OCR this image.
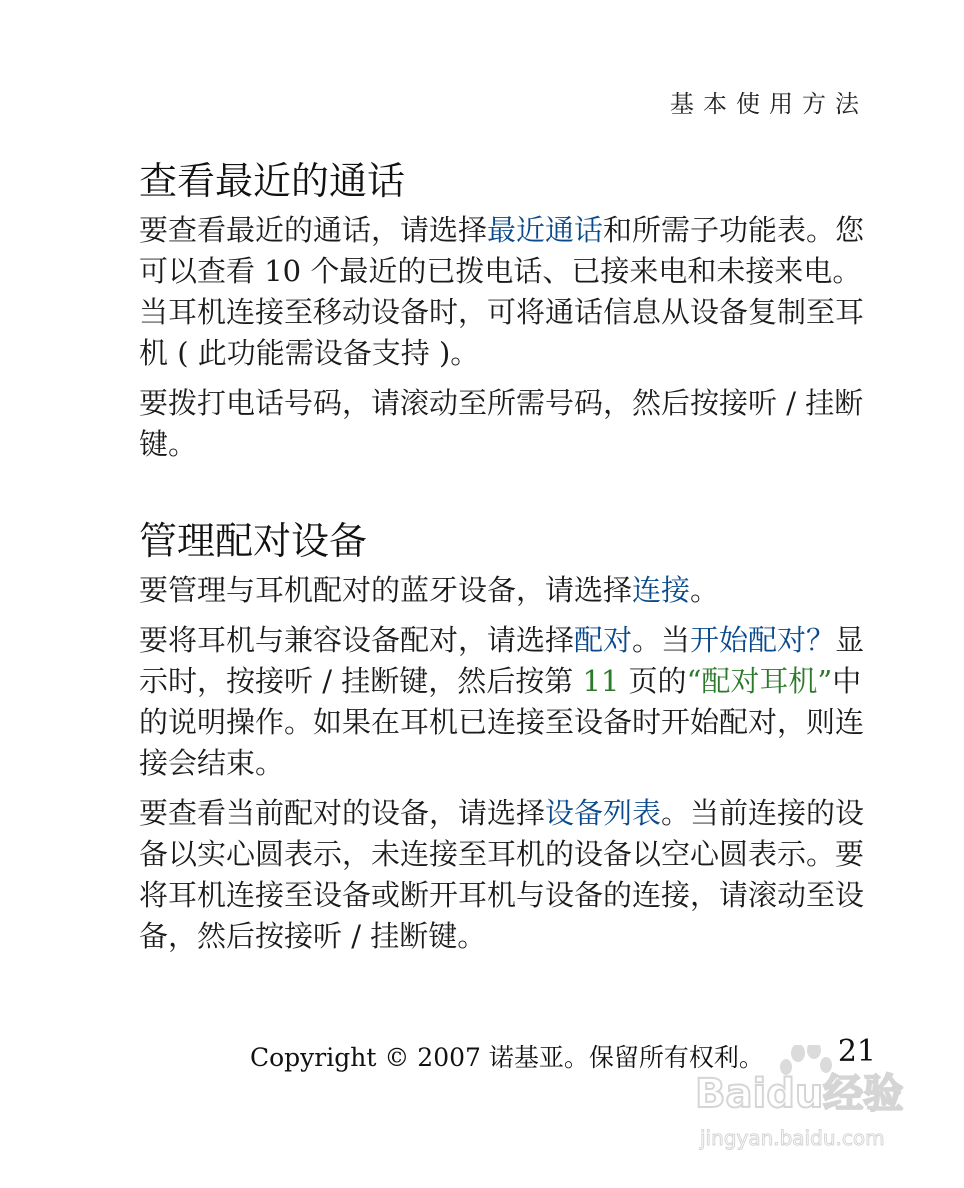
基本使用方法
查看最近的通话

要查看最近的通话，请选择最近通话和所需子功能表。您可以查看 10 个最近的已拨电话、已接来电和未接来电。当耳机连接至移动设备时，可将通话信息从设备复制至耳机 ( 此功能需设备支持 )。

要拨打电话号码，请滚动至所需号码，然后按接听 / 挂断键。

管理配对设备

要管理与耳机配对的蓝牙设备，请选择连接。

要将耳机与兼容设备配对，请选择配对。当开始配对？显示时，按接听 / 挂断键，然后按第 11 页的“配对耳机”中的说明操作。如果在耳机已连接至设备时开始配对，则连接会结束。

要查看当前配对的设备，请选择设备列表。当前连接的设备以实心圆表示，未连接至耳机的设备以空心圆表示。要将耳机连接至设备或断开耳机与设备的连接，请滚动至设备，然后按接听 / 挂断键。

Copyright © 2007 诺基亚。保留所有权利。 21
Baidu经验
jingyan.baidu.com
